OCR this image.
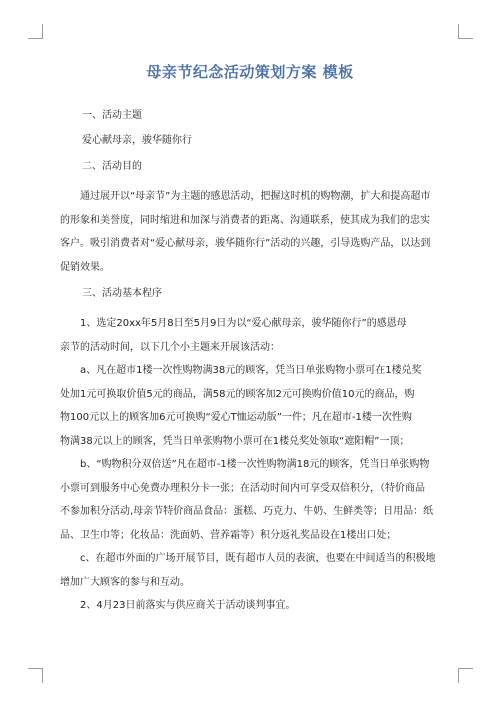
母亲节纪念活动策划方案 模板
一、活动主题
爱心献母亲，骏华随你行
二、活动目的

通过展开以“母亲节”为主题的感恩活动，把握这时机的购物潮，扩大和提高超市
的形象和美誉度，同时缩进和加深与消费者的距离、沟通联系，使其成为我们的忠实
客户。吸引消费者对“爱心献母亲，骏华随你行”活动的兴趣，引导选购产品，以达到
促销效果。

三、活动基本程序

1、选定20xx年5月8日至5月9日为以“爱心献母亲，骏华随你行”的感恩母
亲节的活动时间，以下几个小主题来开展该活动：

a、凡在超市1楼一次性购物满38元的顾客，凭当日单张购物小票可在1楼兑奖
处加1元可换取价值5元的商品，满58元的顾客加2元可换购价值10元的商品，购
物100元以上的顾客加6元可换购“爱心T恤运动版”一件；凡在超市-1楼一次性购
物满38元以上的顾客，凭当日单张购物小票可在1楼兑奖处领取“遮阳帽”一顶；

b、“购物积分双倍送”凡在超市-1楼一次性购物满18元的顾客，凭当日单张购物
小票可到服务中心免费办理积分卡一张；在活动时间内可享受双倍积分，（特价商品
不参加积分活动,母亲节特价商品食品：蛋糕、巧克力、牛奶、生鲜类等；日用品：纸
品、卫生巾等；化妆品：洗面奶、营养霜等）积分返礼奖品设在1楼出口处；

c、在超市外面的广场开展节目，既有超市人员的表演，也要在中间适当的积极地
增加广大顾客的参与和互动。

2、4月23日前落实与供应商关于活动谈判事宜。
